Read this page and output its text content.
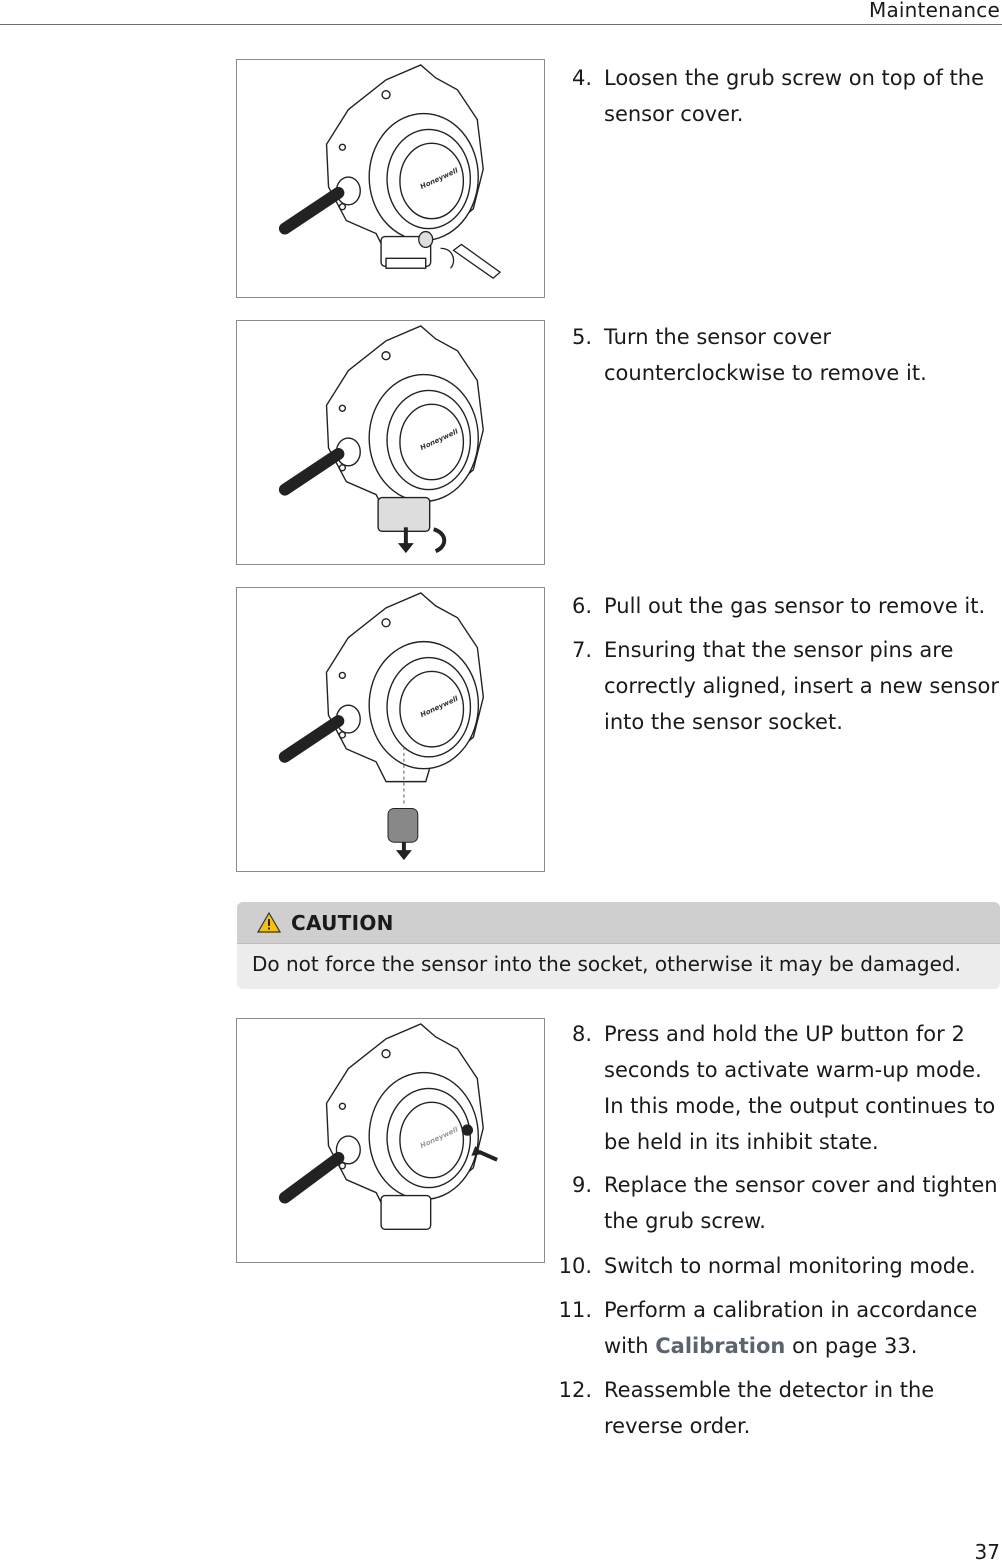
Maintenance
Honeywell
4. Loosen the grub screw on top of the sensor cover.
Honeywell
5. Turn the sensor cover counterclockwise to remove it.
Honeywell
6. Pull out the gas sensor to remove it.
7. Ensuring that the sensor pins are correctly aligned, insert a new sensor into the sensor socket.
CAUTION
Do not force the sensor into the socket, otherwise it may be damaged.
Honeywell
8. Press and hold the UP button for 2 seconds to activate warm-up mode. In this mode, the output continues to be held in its inhibit state.
9. Replace the sensor cover and tighten the grub screw.
10. Switch to normal monitoring mode.
11. Perform a calibration in accordance with Calibration on page 33.
12. Reassemble the detector in the reverse order.
37
